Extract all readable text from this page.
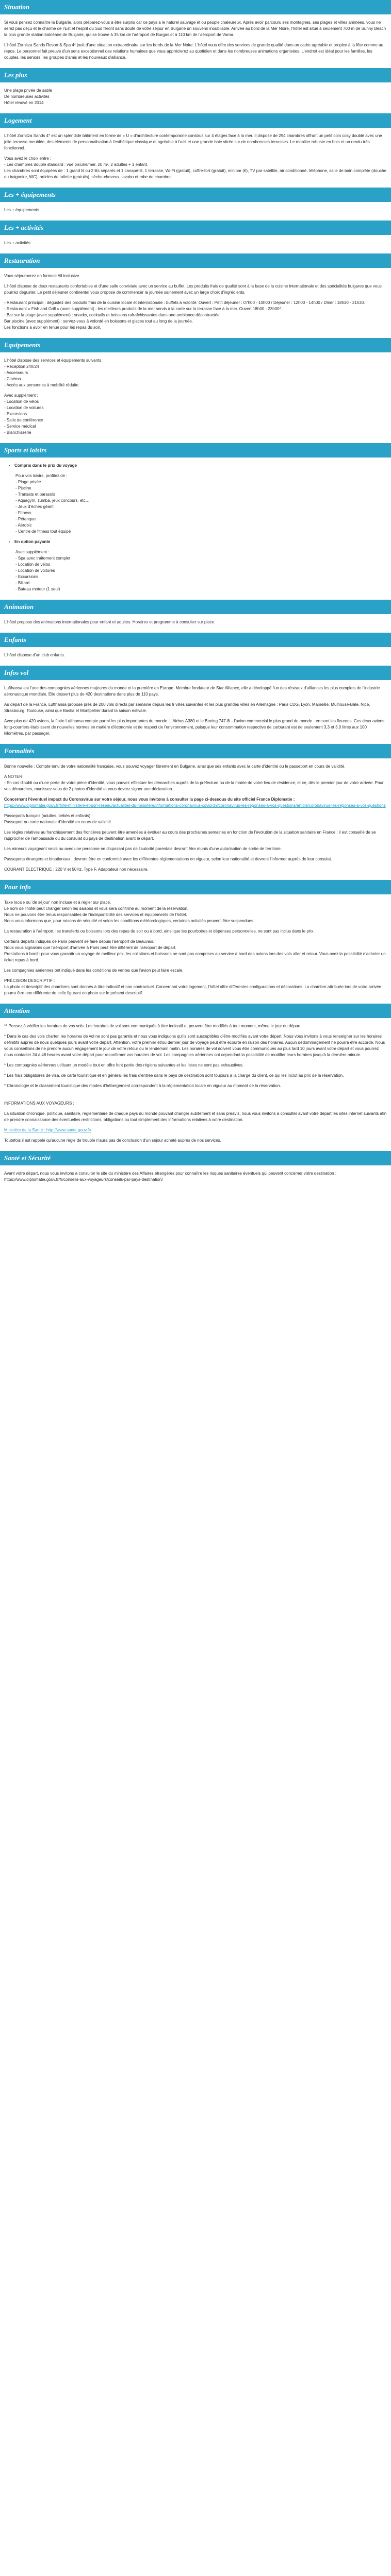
Situation

Si vous pensez connaître la Bulgarie, alors préparez-vous à être surpris car ce pays a le naturel sauvage et ou peuple chaleureux. Aprés avoir parcouru ses montagnes, ses plages et villes animées, vous ne serez pas déçu et le charme de l'Est et l'esprit du Sud feront sans doute de votre séjour en Bulgarie un souvenir inoubliable. Arrivée au bord de la Mer Noire, l'hôtel est situé à seulement 700 m de Sunny Beach la plus grande station balnéaire de Bulgarie, qui se trouve à 35 km de l'aéroport de Burgas et à 110 km de l'aéroport de Varna.

L'hôtel Zornitza Sands Resort & Spa 4* jouit d'une situation extraordinaire sur les bords de la Mer Noire. L'hôtel vous offre des services de grande qualité dans un cadre agréable et propice à la fête comme au repos. Le personnel fait preuve d'un sens exceptionnel des relations humaines que vous apprécierez au quotidien et dans les nombreuses animations organisées. L'endroit est idéal pour les familles, les couples, les seniors, les groupes d'amis et les nouveaux d'alliance.

Les plus
Une plage privée de sable
De nombreuses activités
Hôtel rénové en 2014
Logement

L'hôtel Zornitza Sands 4* est un splendide bâtiment en forme de « U » d'architecture contemporaine construit sur 4 étages face à la mer. Il dispose de 294 chambres offrant un petit coin cosy doublé avec une jolie terrasse meublée, des éléments de personnalisation à l'esthétique classique et agréable à l'oeil et une grande baie vitrée sur de nombreuses terrasses. Le mobilier robuste en bois et un rendu très fonctionnel.

Vous avez le choix entre :
- Les chambres double standard : vue piscine/mer, 20 m², 2 adultes + 1 enfant.

Les chambres sont équipées de : 1 grand lit ou 2 lits séparés et 1 canapé-lit, 1 terrasse, Wi-Fi (gratuit), coffre-fort (gratuit), minibar (€), TV par satellite, air conditionné, téléphone, salle de bain complète (douche ou baignoire, WC), articles de toilette (gratuits), sèche-cheveux, lavabo et robe de chambre.

Les + équipements
Les + équipements
Les + activités
Les + activités
Restauration

Vous séjournerez en formule All inclusive.

L'hôtel dispose de deux restaurants confortables et d'une salle conviviale avec un service au buffet. Les produits frais de qualité sont à la base de la cuisine internationale et des spécialités bulgares que vous pourrez déguster. Le petit déjeuner continental vous propose de commencer la journée sainement avec un large choix d'ingrédients.

- Restaurant principal : dégustez des produits frais de la cuisine locale et internationale : buffets à volonté. Ouvert : Petit déjeuner : 07h00 - 10h00 / Déjeuner : 12h00 - 14h00 / Dîner : 18h30 - 21h30.
- Restaurant « Fish and Grill » (avec supplément) : les meilleurs produits de la mer servis à la carte sur la terrasse face à la mer. Ouvert 18h00 - 23h00*.
- Bar sur la plage (avec supplément) : snacks, cocktails et boissons rafraîchissantes dans une ambiance décontractée.
Bar piscine (avec supplément) : servez-vous à volonté en boissons et glaces tout au long de la journée.
Les fonctions à avoir en tenue pour les repas du soir.
Equipements
L'hôtel dispose des services et équipements suivants :
- Réception 24h/24
- Ascenseurs
- Cinéma
- Accès aux personnes à mobilité réduite
Avec supplément :
- Location de vélos
- Location de voitures
- Excursions
- Salle de conférence
- Service médical
- Blanchisserie
Sports et loisirs
• Compris dans le prix du voyage
Pour vos loisirs, profitez de :
- Plage privée
- Piscine
- Transats et parasols
- Aquagym, zumba, jeux concours, etc…
- Jeux d'échec géant
- Fitness
- Pétanque
- Aérobic
- Centre de fitness tout équipé
• En option payante
Avec supplément :
- Spa avec traitement complet
- Location de vélos
- Location de voitures
- Excursions
- Billard
- Bateau moteur (1 seul)
Animation

L'hôtel propose des animations internationales pour enfant et adultes. Horaires et programme à consulter sur place.

Enfants

L'hôtel dispose d'un club enfants.

Infos vol

Lufthansa est l'une des compagnies aériennes majeures du monde et la première en Europe. Membre fondateur de Star Alliance, elle a développé l'un des réseaux d'alliances les plus complets de l'industrie aéronautique mondiale. Elle dessert plus de 420 destinations dans plus de 110 pays.

Au départ de la France, Lufthansa propose près de 200 vols directs par semaine depuis les 9 villes suivantes et les plus grandes villes en Allemagne : Paris CDG, Lyon, Marseille, Mulhouse-Bâle, Nice, Strasbourg, Toulouse, ainsi que Bastia et Montpellier durant la saison estivale.

Avec plus de 420 avions, la flotte Lufthansa compte parmi les plus importantes du monde. L'Airbus A380 et le Boeing 747-8i - l'avion commercial le plus grand du monde - en sont les fleurons. Ces deux avions long-courriers établissent de nouvelles normes en matière d'économie et de respect de l'environnement, puisque leur consommation respective de carburant est de seulement 3,3 et 3,0 litres aux 100 kilomètres, par passager.

Formalités

Bonne nouvelle : Compte tenu de votre nationalité française, vous pouvez voyager librement en Bulgarie, ainsi que ses enfants avec la carte d'identité ou le passeport en cours de validité.

A NOTER :

- En cas d'oubli ou d'une perte de votre pièce d'identité, vous pouvez effectuer les démarches auprès de la préfecture ou de la mairie de votre lieu de résidence, et ce, dès le premier jour de votre arrivée. Pour vos démarches, munissez-vous de 2 photos d'identité et vous devrez signer une déclaration.

Concernant l'éventuel impact du Coronavirus sur votre séjour, nous vous invitons à consulter la page ci-dessous du site officiel France Diplomatie :
https://www.diplomatie.gouv.fr/fr/le-ministere-et-son-reseau/actualites-du-ministere/informations-coronavirus-covid-19/coronavirus-les-reponses-a-vos-questions/article/coronavirus-les-reponses-a-vos-questions

Passeports français (adultes, bébés et enfants) :

Passeport ou carte nationale d'identité en cours de validité.

Les règles relatives au franchissement des frontières peuvent être amenées à évoluer au cours des prochaines semaines en fonction de l'évolution de la situation sanitaire en France ; il est conseillé de se rapprocher de l'ambassade ou du consulat du pays de destination avant le départ.

Les mineurs voyageant seuls ou avec une personne ne disposant pas de l'autorité parentale devront être munis d'une autorisation de sortie de territoire.

Passeports étrangers et binationaux : devront être en conformité avec les différentes réglementations en vigueur, selon leur nationalité et devront l'informer auprès de leur consulat.

COURANT ÉLECTRIQUE : 220 V et 50Hz. Type F. Adaptateur non nécessaire.

Pour info
Taxe locale ou 'de séjour' non incluse et à régler sur place.
Le nom de l'hôtel peut changer selon les saisons et vous sera confirmé au moment de la réservation.
Nous ne pouvons être tenus responsables de l'indisponibilité des services et équipements de l'hôtel.

Nous vous informons que, pour raisons de sécurité et selon les conditions météorologiques, certaines activités peuvent être suspendues.

La restauration à l'aéroport, les transferts ou boissons lors des repas du soir ou à bord, ainsi que les pourboires et dépenses personnelles, ne sont pas inclus dans le prix.

Certains départs indiqués de Paris peuvent se faire depuis l'aéroport de Beauvais.
Nous vous signalons que l'aéroport d'arrivée à Paris peut être différent de l'aéroport de départ.

Prestations à bord : pour vous garantir un voyage de meilleur prix, les collations et boissons ne sont pas comprises au service à bord des avions lors des vols aller et retour. Vous avez la possibilité d'acheter un ticket repas à bord.

Les compagnies aériennes ont indiqué dans les conditions de ventes que l'avion peut faire escale.

PRÉCISION DESCRIPTIF :

La photo et descriptif des chambres sont donnés à titre indicatif et non contractuel. Concernant votre logement, l'hôtel offre différentes configurations et décorations. La chambre attribuée lors de votre arrivée pourra être une différente de celle figurant en photo sur le présent descriptif.

Attention

** Pensez à vérifier les horaires de vos vols. Les horaires de vol sont communiqués à titre indicatif et peuvent être modifiés à tout moment, même le jour du départ.

* Dans le cas des vols charter, les horaires de vol ne sont pas garantis et nous vous indiquons qu'ils sont susceptibles d'être modifiés avant votre départ. Nous vous invitons à vous renseigner sur les horaires définitifs auprès de nous quelques jours avant votre départ. Attention, votre premier et/ou dernier jour de voyage peut être écourté en raison des horaires. Aucun dédommagement ne pourra être accordé. Nous vous conseillons de ne prendre aucun engagement le jour de votre retour ou le lendemain matin. Les horaires de vol doivent vous être communiqués au plus tard 10 jours avant votre départ et vous pourrez nous contacter 24 à 48 heures avant votre départ pour reconfirmer vos horaires de vol. Les compagnies aériennes ont cependant la possibilité de modifier leurs horaires jusqu'à la dernière minute.

* Les compagnies aériennes utilisant un modèle tout en offre font partie des régions suivantes et les listes ne sont pas exhaustives.

* Les frais obligatoires de visa, de carte touristique et en général les frais d'entrée dans le pays de destination sont toujours à la charge du client, ce qui les inclut au prix de la réservation.

* Chronologie et le classement touristique des modes d'hébergement correspondent à la réglementation locale en vigueur au moment de la réservation.

INFORMATIONS AUX VOYAGEURS :

La situation chronique, politique, sanitaire, réglementaire de chaque pays du monde pouvant changer subitement et sans préavis, nous vous invitons à consulter avant votre départ les sites internet suivants afin de prendre connaissance des éventuelles restrictions, obligations ou tout simplement des informations relatives à votre destination.

Ministère de la Santé : http://www.sante.gouv.fr/

Toutefois il est rappelé qu'aucune règle de trouble n'aura pas de conclusion d'un séjour acheté auprès de nos services.

Santé et Sécurité

Avant votre départ, nous vous invitons à consulter le site du ministère des Affaires étrangères pour connaître les risques sanitaires éventuels qui peuvent concerner votre destination : https://www.diplomatie.gouv.fr/fr/conseils-aux-voyageurs/conseils-par-pays-destination/
